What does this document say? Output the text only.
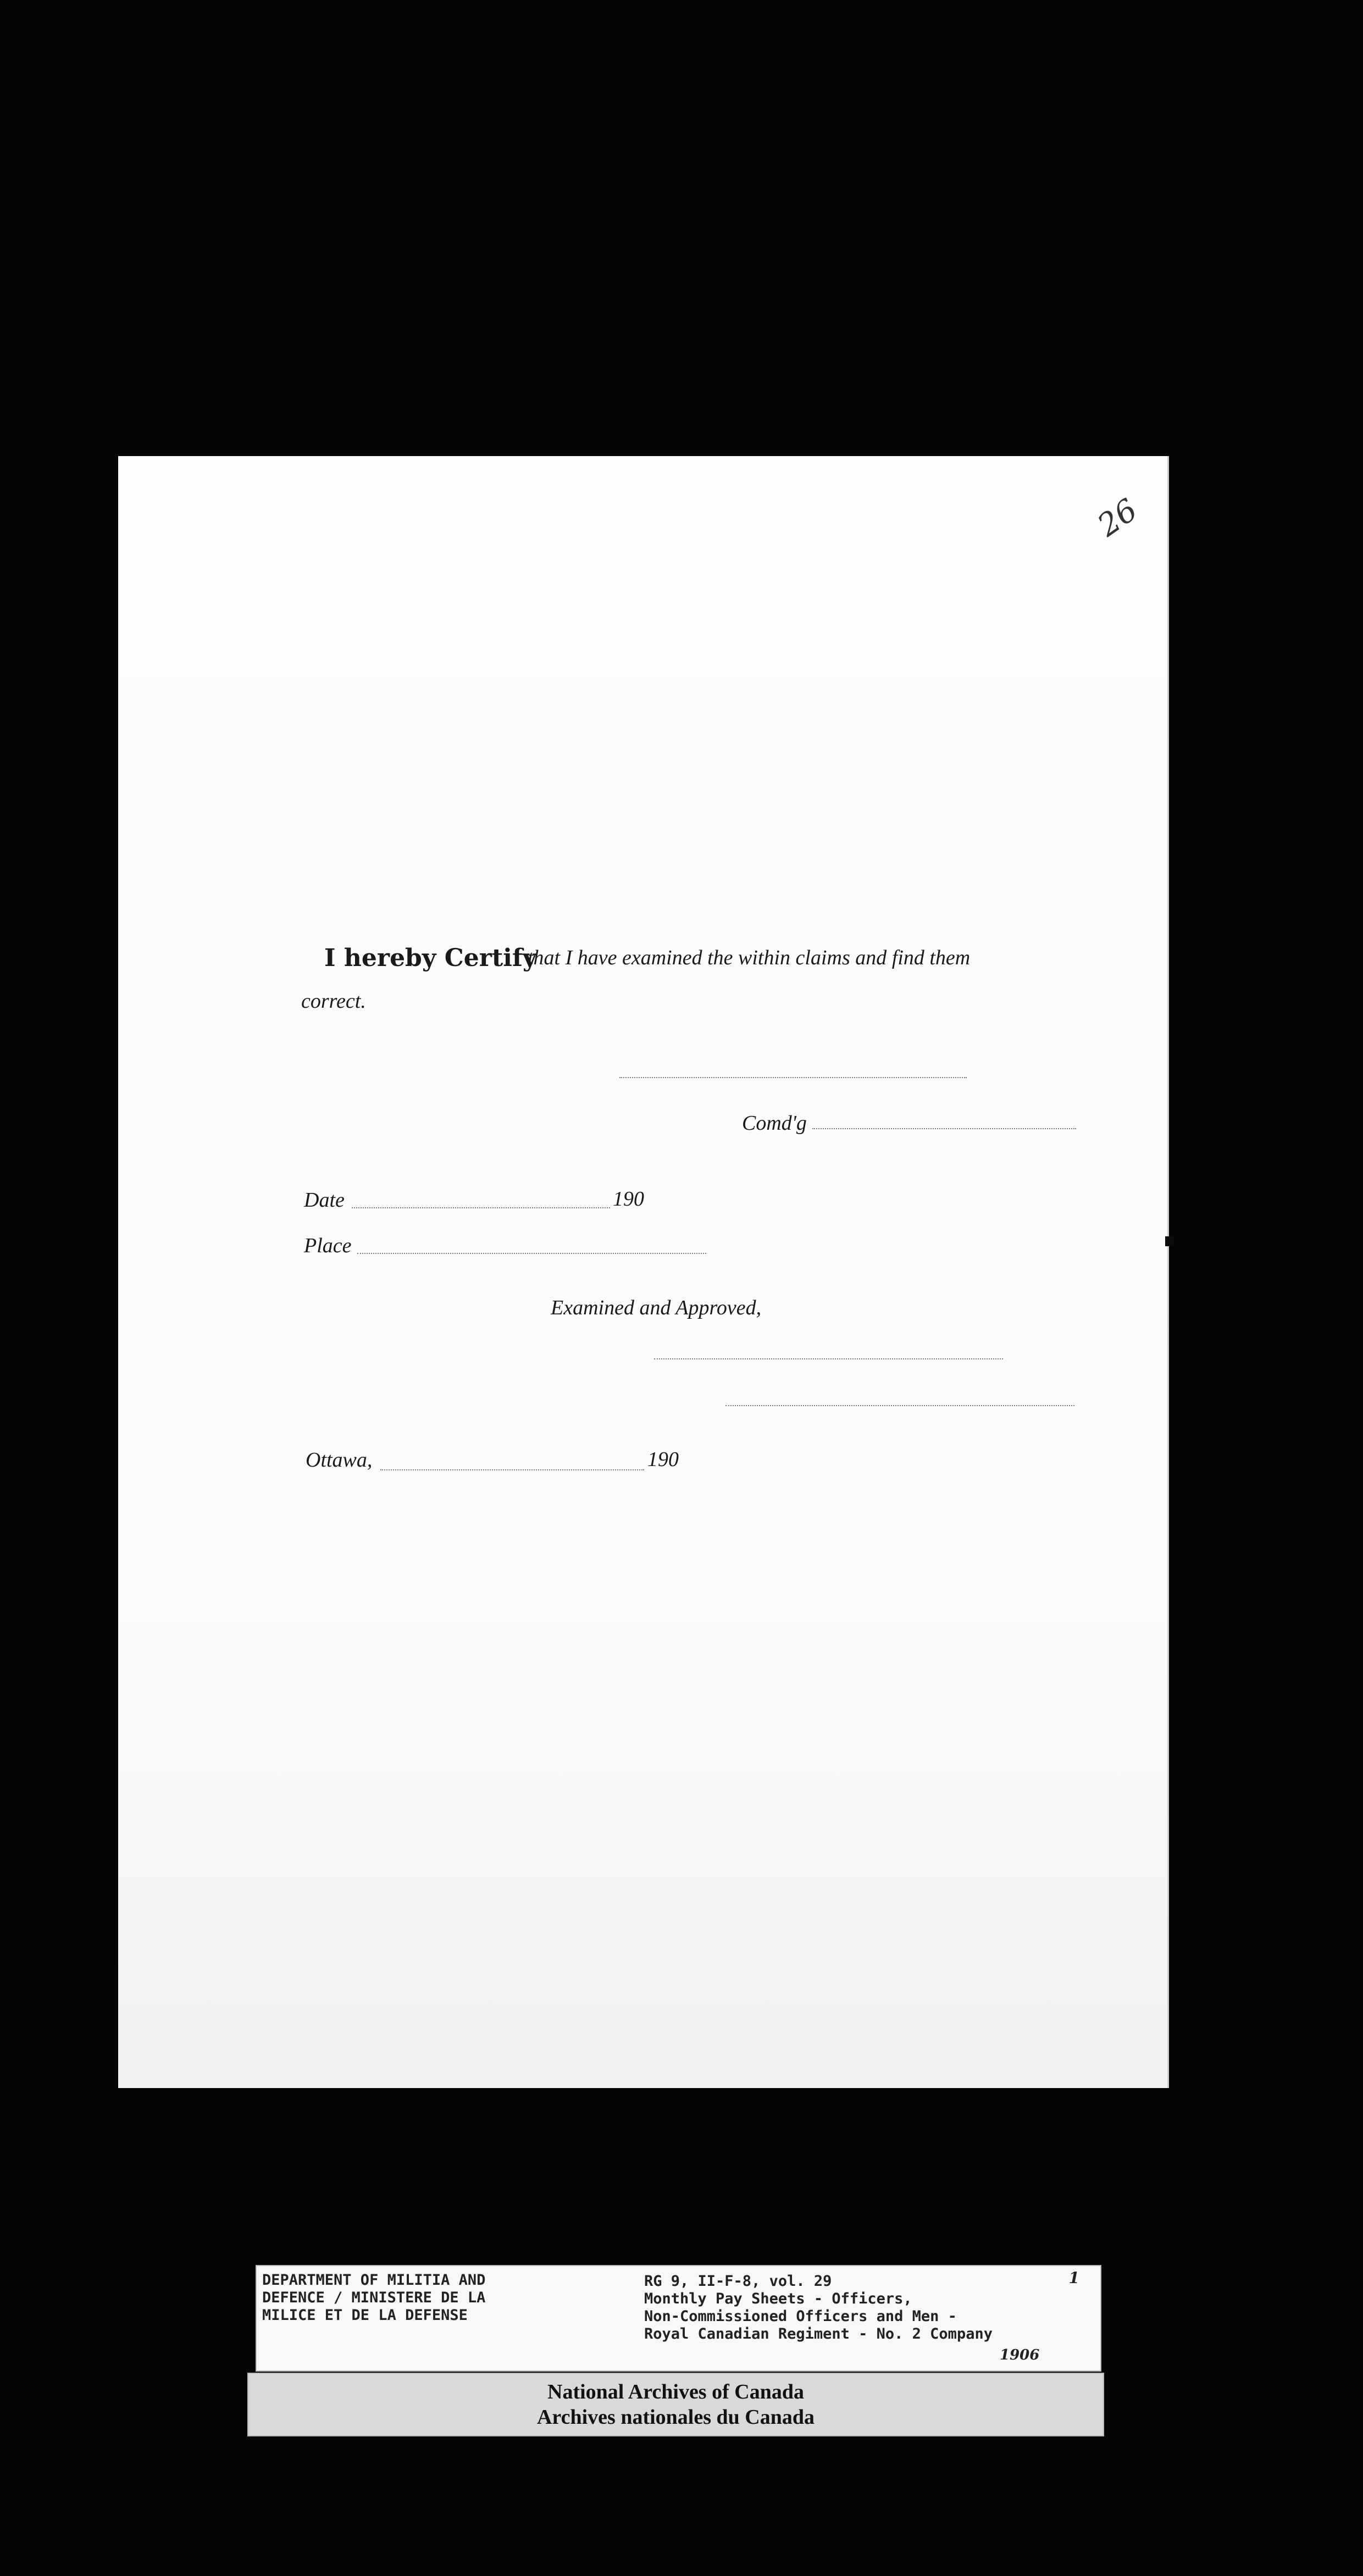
26
I hereby Certify
that I have examined the within claims and find them
correct.
Comd'g
Date	190
Place
Examined and Approved,
Ottawa,	190
DEPARTMENT OF MILITIA AND
DEFENCE / MINISTERE DE LA
MILICE ET DE LA DEFENSE
RG 9, II-F-8, vol. 29
Monthly Pay Sheets - Officers,
Non-Commissioned Officers and Men -
Royal Canadian Regiment - No. 2 Company
1
1906
National Archives of Canada
Archives nationales du Canada
